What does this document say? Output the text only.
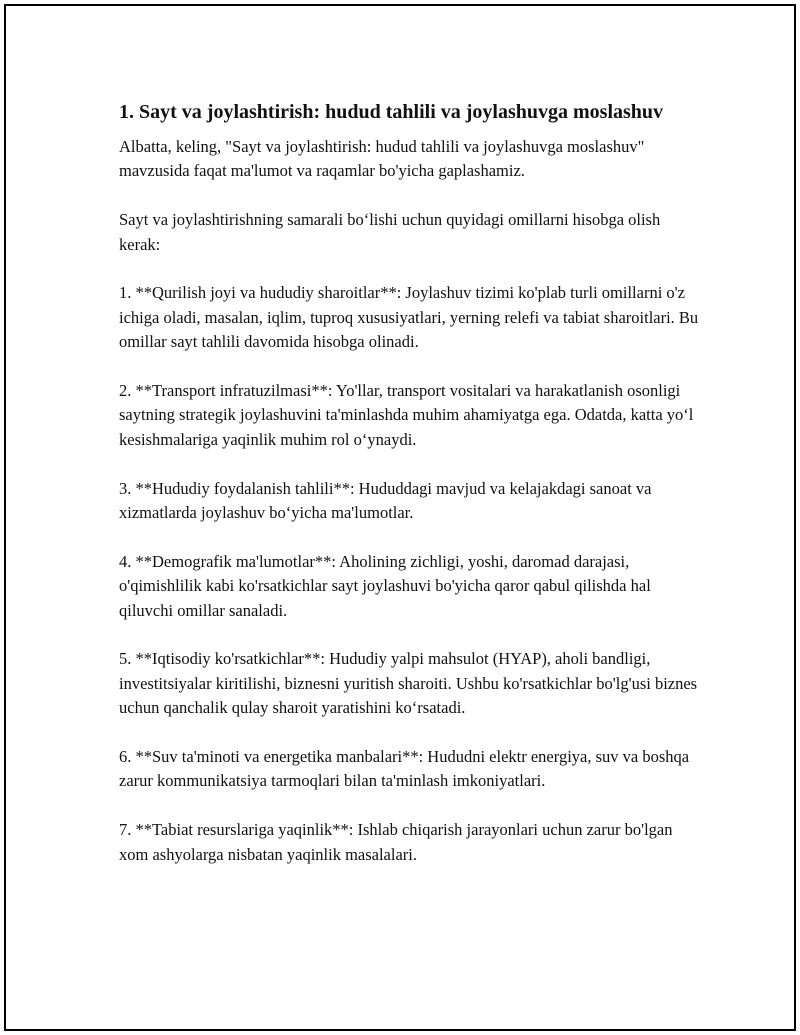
1. Sayt va joylashtirish: hudud tahlili va joylashuvga moslashuv

Albatta, keling, "Sayt va joylashtirish: hudud tahlili va joylashuvga moslashuv" mavzusida faqat ma'lumot va raqamlar bo'yicha gaplashamiz.

Sayt va joylashtirishning samarali bo‘lishi uchun quyidagi omillarni hisobga olish kerak:

1. **Qurilish joyi va hududiy sharoitlar**: Joylashuv tizimi ko'plab turli omillarni o'z ichiga oladi, masalan, iqlim, tuproq xususiyatlari, yerning relefi va tabiat sharoitlari. Bu omillar sayt tahlili davomida hisobga olinadi.

2. **Transport infratuzilmasi**: Yo'llar, transport vositalari va harakatlanish osonligi saytning strategik joylashuvini ta'minlashda muhim ahamiyatga ega. Odatda, katta yo‘l kesishmalariga yaqinlik muhim rol o‘ynaydi.

3. **Hududiy foydalanish tahlili**: Hududdagi mavjud va kelajakdagi sanoat va xizmatlarda joylashuv bo‘yicha ma'lumotlar.

4. **Demografik ma'lumotlar**: Aholining zichligi, yoshi, daromad darajasi, o'qimishlilik kabi ko'rsatkichlar sayt joylashuvi bo'yicha qaror qabul qilishda hal qiluvchi omillar sanaladi.

5. **Iqtisodiy ko'rsatkichlar**: Hududiy yalpi mahsulot (HYAP), aholi bandligi, investitsiyalar kiritilishi, biznesni yuritish sharoiti. Ushbu ko'rsatkichlar bo'lg'usi biznes uchun qanchalik qulay sharoit yaratishini ko‘rsatadi.

6. **Suv ta'minoti va energetika manbalari**: Hududni elektr energiya, suv va boshqa zarur kommunikatsiya tarmoqlari bilan ta'minlash imkoniyatlari.

7. **Tabiat resurslariga yaqinlik**: Ishlab chiqarish jarayonlari uchun zarur bo'lgan xom ashyolarga nisbatan yaqinlik masalalari.
